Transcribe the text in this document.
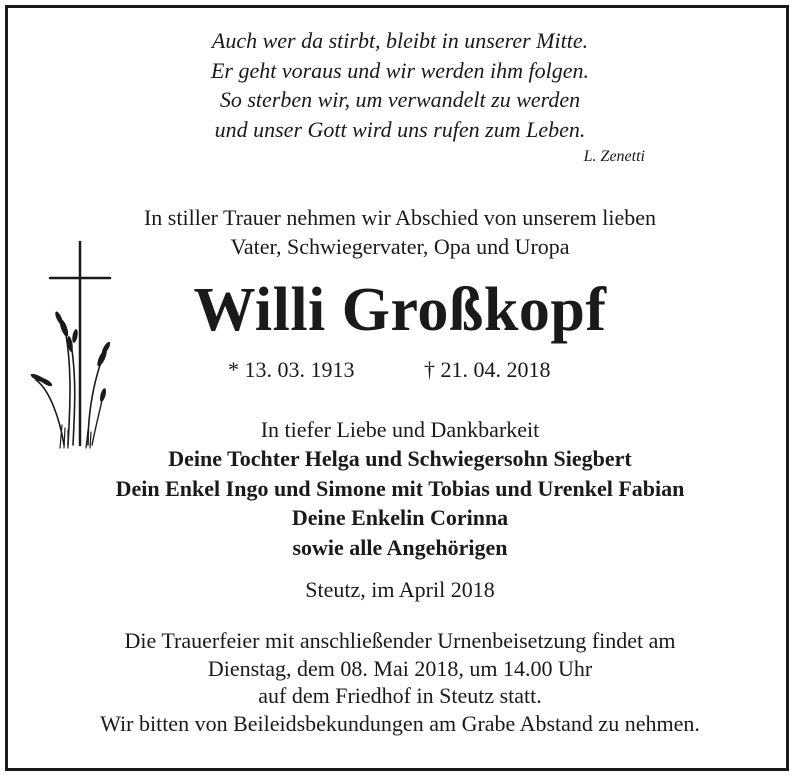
Auch wer da stirbt, bleibt in unserer Mitte.
Er geht voraus und wir werden ihm folgen.
So sterben wir, um verwandelt zu werden
und unser Gott wird uns rufen zum Leben.
L. Zenetti
In stiller Trauer nehmen wir Abschied von unserem lieben
Vater, Schwiegervater, Opa und Uropa
Willi Großkopf
* 13. 03. 1913	† 21. 04. 2018
In tiefer Liebe und Dankbarkeit
Deine Tochter Helga und Schwiegersohn Siegbert
Dein Enkel Ingo und Simone mit Tobias und Urenkel Fabian
Deine Enkelin Corinna
sowie alle Angehörigen
Steutz, im April 2018
Die Trauerfeier mit anschließender Urnenbeisetzung findet am
Dienstag, dem 08. Mai 2018, um 14.00 Uhr
auf dem Friedhof in Steutz statt.
Wir bitten von Beileidsbekundungen am Grabe Abstand zu nehmen.
